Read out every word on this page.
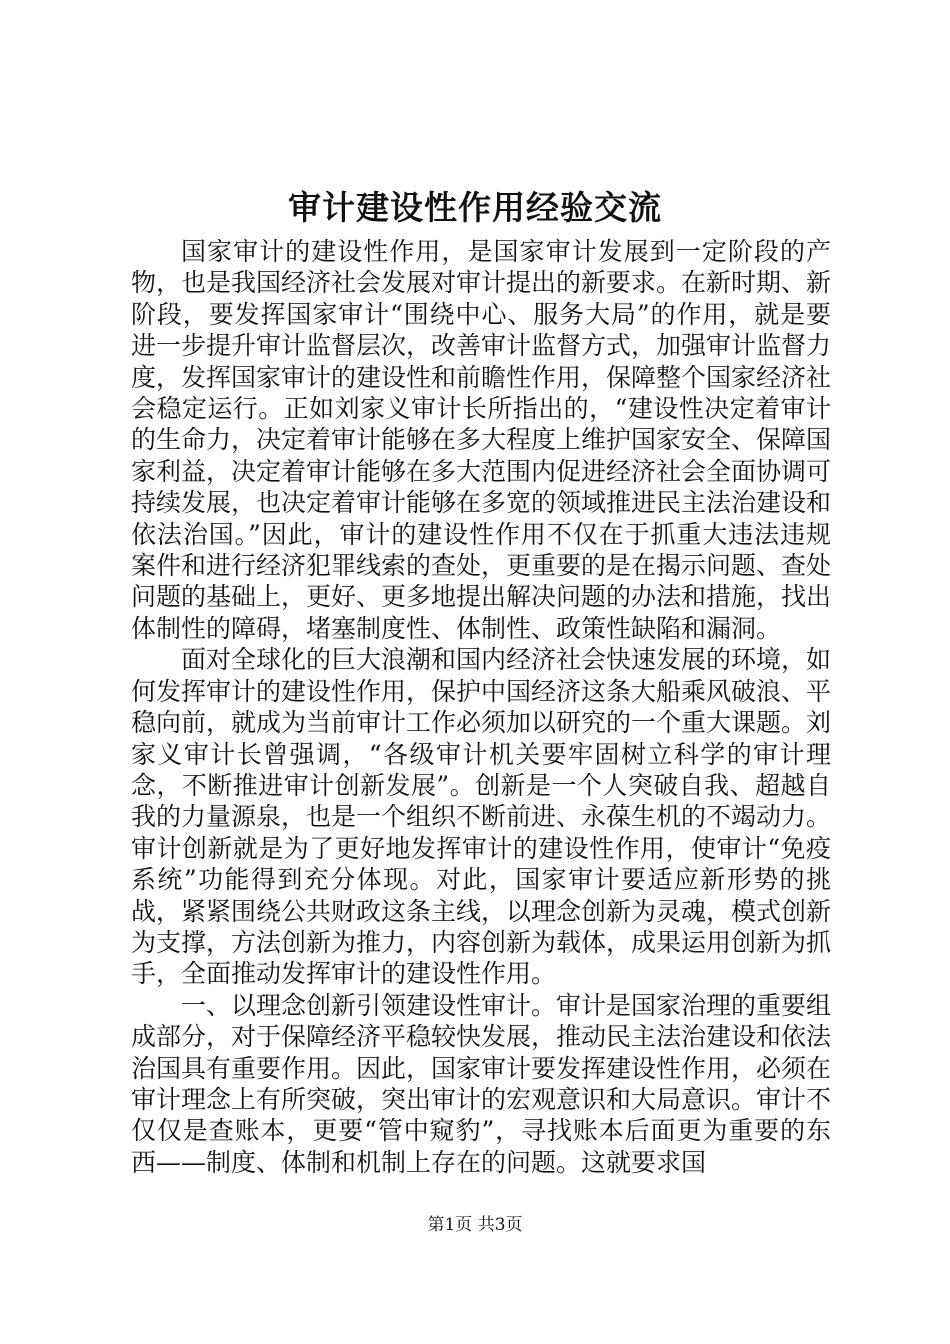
审计建设性作用经验交流

国家审计的建设性作用，是国家审计发展到一定阶段的产物，也是我国经济社会发展对审计提出的新要求。在新时期、新阶段，要发挥国家审计“围绕中心、服务大局”的作用，就是要进一步提升审计监督层次，改善审计监督方式，加强审计监督力度，发挥国家审计的建设性和前瞻性作用，保障整个国家经济社会稳定运行。正如刘家义审计长所指出的，“建设性决定着审计的生命力，决定着审计能够在多大程度上维护国家安全、保障国家利益，决定着审计能够在多大范围内促进经济社会全面协调可持续发展，也决定着审计能够在多宽的领域推进民主法治建设和依法治国。”因此，审计的建设性作用不仅在于抓重大违法违规案件和进行经济犯罪线索的查处，更重要的是在揭示问题、查处问题的基础上，更好、更多地提出解决问题的办法和措施，找出体制性的障碍，堵塞制度性、体制性、政策性缺陷和漏洞。

面对全球化的巨大浪潮和国内经济社会快速发展的环境，如何发挥审计的建设性作用，保护中国经济这条大船乘风破浪、平稳向前，就成为当前审计工作必须加以研究的一个重大课题。刘家义审计长曾强调，“各级审计机关要牢固树立科学的审计理念，不断推进审计创新发展”。创新是一个人突破自我、超越自我的力量源泉，也是一个组织不断前进、永葆生机的不竭动力。审计创新就是为了更好地发挥审计的建设性作用，使审计“免疫系统”功能得到充分体现。对此，国家审计要适应新形势的挑战，紧紧围绕公共财政这条主线，以理念创新为灵魂，模式创新为支撑，方法创新为推力，内容创新为载体，成果运用创新为抓手，全面推动发挥审计的建设性作用。

一、以理念创新引领建设性审计。审计是国家治理的重要组成部分，对于保障经济平稳较快发展，推动民主法治建设和依法治国具有重要作用。因此，国家审计要发挥建设性作用，必须在审计理念上有所突破，突出审计的宏观意识和大局意识。审计不仅仅是查账本，更要“管中窥豹”，寻找账本后面更为重要的东西——制度、体制和机制上存在的问题。这就要求国

第1页 共3页
